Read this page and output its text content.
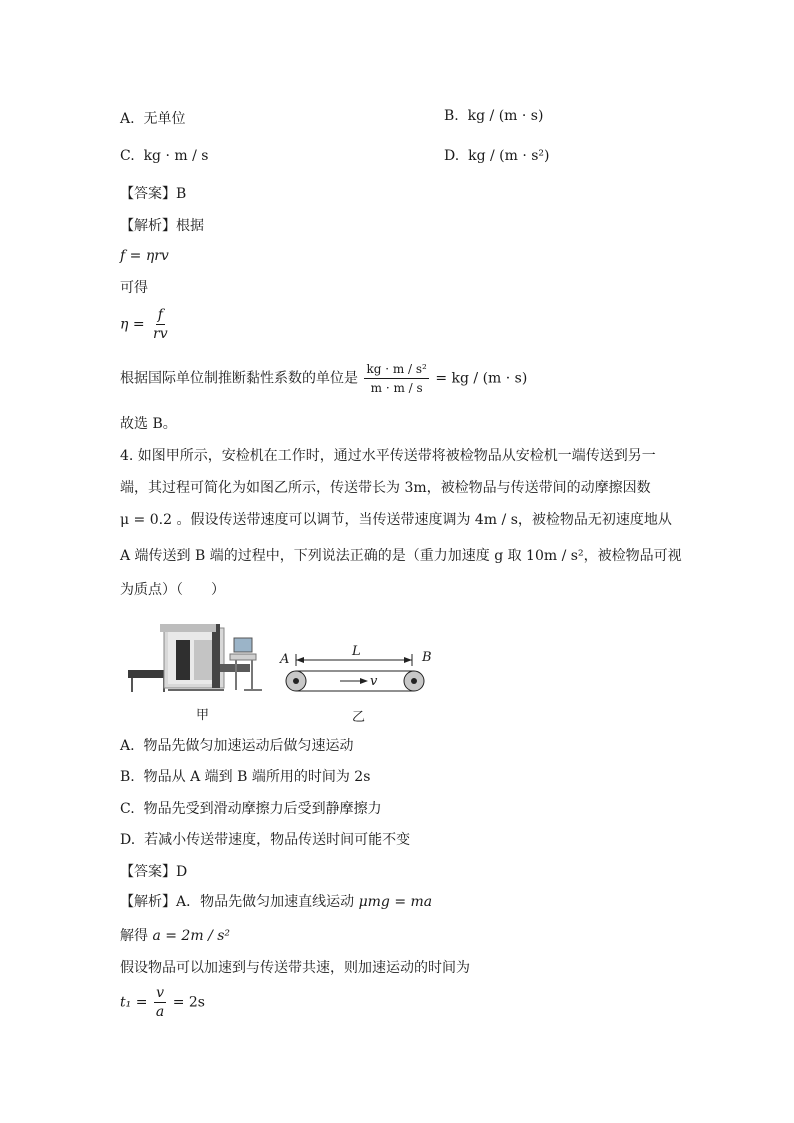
A. 无单位	B. kg / (m · s)
C. kg · m / s	D. kg / (m · s²)
【答案】B
【解析】根据
f = ηrv
可得
$\eta = \frac{f}{rv}$
根据国际单位制推断黏性系数的单位是 $\frac{\text{kg · m / s²}}{m \cdot m / s}$ = kg / (m · s)
故选 B。
4. 如图甲所示，安检机在工作时，通过水平传送带将被检物品从安检机一端传送到另一
端，其过程可简化为如图乙所示，传送带长为 3m，被检物品与传送带间的动摩擦因数
μ = 0.2 。假设传送带速度可以调节，当传送带速度调为 4m / s，被检物品无初速度地从
A 端传送到 B 端的过程中，下列说法正确的是（重力加速度 g 取 10m / s²，被检物品可视
为质点）（　　）
A	B
L
v
甲	乙
A. 物品先做匀加速运动后做匀速运动
B. 物品从 A 端到 B 端所用的时间为 2s
C. 物品先受到滑动摩擦力后受到静摩擦力
D. 若减小传送带速度，物品传送时间可能不变
【答案】D
【解析】A．物品先做匀加速直线运动 μmg = ma
解得 a = 2m / s²
假设物品可以加速到与传送带共速，则加速运动的时间为
$t_1 = \frac{v}{a} = 2s$
